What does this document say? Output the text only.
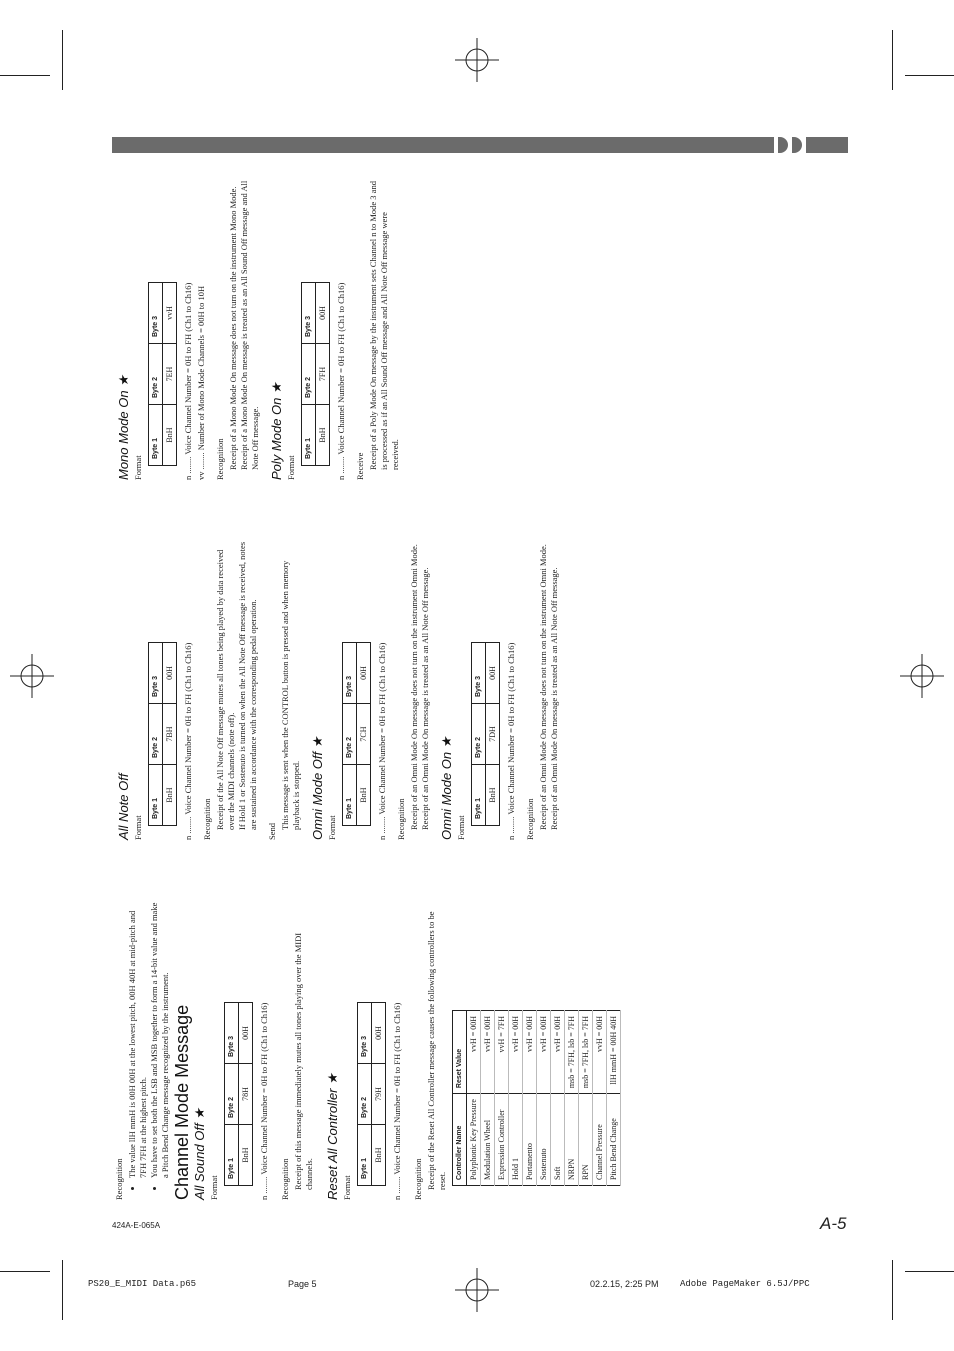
A-5
424A-E-065A
PS20_E_MIDI Data.p65	Page 5	02.2.15, 2:25 PM Adobe PageMaker 6.5J/PPC
Recognition
• The value llH mmH is 00H 00H at the lowest pitch, 00H 40H at mid-pitch and 7FH 7FH at the highest pitch. • You have to set both the LSB and MSB together to form a 14-bit value and make a Pitch Bend Change message recognized by the instrument. Channel Mode Message All Sound Off ★ Format
Byte 1	Byte 2	Byte 3
BnH	78H	00H n ........ Voice Channel Number = 0H to FH (Ch1 to Ch16) Recognition Receipt of this message immediately mutes all tones playing over the MIDI channels. Reset All Controller ★ Format
Byte 1	Byte 2	Byte 3
BnH	79H	00H n ........ Voice Channel Number = 0H to FH (Ch1 to Ch16) Recognition Receipt of the Reset All Controller message causes the following controllers to be reset.
Controller Name	Reset Value
Polyphonic Key Pressure	vvH = 00H
Modulation Wheel	vvH = 00H
Expression Controller	vvH = 7FH
Hold 1	vvH = 00H
Portamento	vvH = 00H
Sostenuto	vvH = 00H
Soft	vvH = 00H
NRPN	msb = 7FH, lsb = 7FH
RPN	msb = 7FH, lsb = 7FH
Channel Pressure	vvH = 00H
Pitch Bend Change	llH mmH = 00H 40H
All Note Off Format
Byte 1	Byte 2	Byte 3
BnH	7BH	00H n ........ Voice Channel Number = 0H to FH (Ch1 to Ch16) Recognition Receipt of the All Note Off message mutes all tones being played by data received over the MIDI channels (note off). If Hold 1 or Sostenuto is turned on when the All Note Off message is received, notes are sustained in accordance with the corresponding pedal operation.
Send
This message is sent when the CONTROL button is pressed and when memory playback is stopped. Omni Mode Off ★ Format
Byte 1	Byte 2	Byte 3
BnH	7CH	00H n ........ Voice Channel Number = 0H to FH (Ch1 to Ch16) Recognition Receipt of an Omni Mode On message does not turn on the instrument Omni Mode. Receipt of an Omni Mode On message is treated as an All Note Off message. Omni Mode On ★ Format
Byte 1	Byte 2	Byte 3
BnH	7DH	00H n ........ Voice Channel Number = 0H to FH (Ch1 to Ch16) Recognition Receipt of an Omni Mode On message does not turn on the instrument Omni Mode. Receipt of an Omni Mode On message is treated as an All Note Off message.
Mono Mode On ★ Format
Byte 1	Byte 2	Byte 3
BnH	7EH	vvH n ........ Voice Channel Number = 0H to FH (Ch1 to Ch16) vv ........ Number of Mono Mode Channels = 00H to 10H Recognition Receipt of a Mono Mode On message does not turn on the instrument Mono Mode. Receipt of a Mono Mode On message is treated as an All Sound Off message and All Note Off message. Poly Mode On ★ Format
Byte 1	Byte 2	Byte 3
BnH	7FH	00H n ........ Voice Channel Number = 0H to FH (Ch1 to Ch16) Receive Receipt of a Poly Mode On message by the instrument sets Channel n to Mode 3 and is processed as if an All Sound Off message and All Note Off message were received.
